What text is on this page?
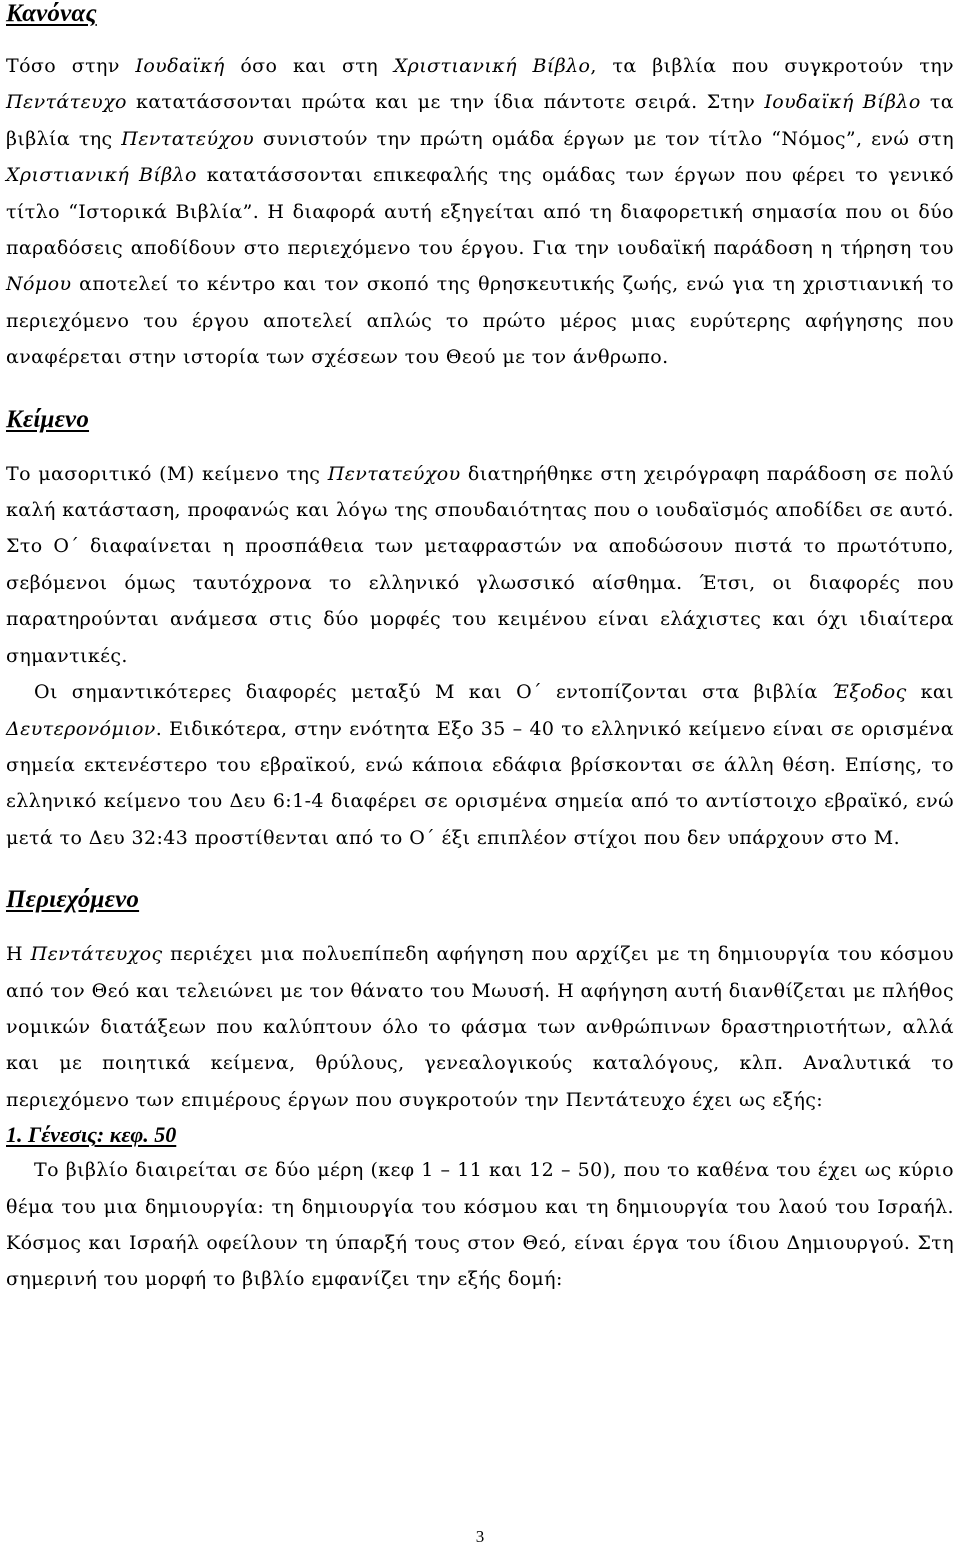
Κανόνας

Τόσο στην Ιουδαϊκή όσο και στη Χριστιανική Βίβλο, τα βιβλία που συγκροτούν την Πεντάτευχο κατατάσσονται πρώτα και με την ίδια πάντοτε σειρά. Στην Ιουδαϊκή Βίβλο τα βιβλία της Πεντατεύχου συνιστούν την πρώτη ομάδα έργων με τον τίτλο “Νόμος”, ενώ στη Χριστιανική Βίβλο κατατάσσονται επικεφαλής της ομάδας των έργων που φέρει το γενικό τίτλο “Ιστορικά Βιβλία”. Η διαφορά αυτή εξηγείται από τη διαφορετική σημασία που οι δύο παραδόσεις αποδίδουν στο περιεχόμενο του έργου. Για την ιουδαϊκή παράδοση η τήρηση του Νόμου αποτελεί το κέντρο και τον σκοπό της θρησκευτικής ζωής, ενώ για τη χριστιανική το περιεχόμενο του έργου αποτελεί απλώς το πρώτο μέρος μιας ευρύτερης αφήγησης που αναφέρεται στην ιστορία των σχέσεων του Θεού με τον άνθρωπο.

Κείμενο

Το μασοριτικό (Μ) κείμενο της Πεντατεύχου διατηρήθηκε στη χειρόγραφη παράδοση σε πολύ καλή κατάσταση, προφανώς και λόγω της σπουδαιότητας που ο ιουδαϊσμός αποδίδει σε αυτό. Στο Ο΄ διαφαίνεται η προσπάθεια των μεταφραστών να αποδώσουν πιστά το πρωτότυπο, σεβόμενοι όμως ταυτόχρονα το ελληνικό γλωσσικό αίσθημα. Έτσι, οι διαφορές που παρατηρούνται ανάμεσα στις δύο μορφές του κειμένου είναι ελάχιστες και όχι ιδιαίτερα σημαντικές.

Οι σημαντικότερες διαφορές μεταξύ Μ και Ο΄ εντοπίζονται στα βιβλία Έξοδος και Δευτερονόμιον. Ειδικότερα, στην ενότητα Εξο 35 – 40 το ελληνικό κείμενο είναι σε ορισμένα σημεία εκτενέστερο του εβραϊκού, ενώ κάποια εδάφια βρίσκονται σε άλλη θέση. Επίσης, το ελληνικό κείμενο του Δευ 6:1-4 διαφέρει σε ορισμένα σημεία από το αντίστοιχο εβραϊκό, ενώ μετά το Δευ 32:43 προστίθενται από το Ο΄ έξι επιπλέον στίχοι που δεν υπάρχουν στο Μ.

Περιεχόμενο

Η Πεντάτευχος περιέχει μια πολυεπίπεδη αφήγηση που αρχίζει με τη δημιουργία του κόσμου από τον Θεό και τελειώνει με τον θάνατο του Μωυσή. Η αφήγηση αυτή διανθίζεται με πλήθος νομικών διατάξεων που καλύπτουν όλο το φάσμα των ανθρώπινων δραστηριοτήτων, αλλά και με ποιητικά κείμενα, θρύλους, γενεαλογικούς καταλόγους, κλπ. Αναλυτικά το περιεχόμενο των επιμέρους έργων που συγκροτούν την Πεντάτευχο έχει ως εξής:

1. Γένεσις: κεφ. 50

Το βιβλίο διαιρείται σε δύο μέρη (κεφ 1 – 11 και 12 – 50), που το καθένα του έχει ως κύριο θέμα του μια δημιουργία: τη δημιουργία του κόσμου και τη δημιουργία του λαού του Ισραήλ. Κόσμος και Ισραήλ οφείλουν τη ύπαρξή τους στον Θεό, είναι έργα του ίδιου Δημιουργού. Στη σημερινή του μορφή το βιβλίο εμφανίζει την εξής δομή:

3
